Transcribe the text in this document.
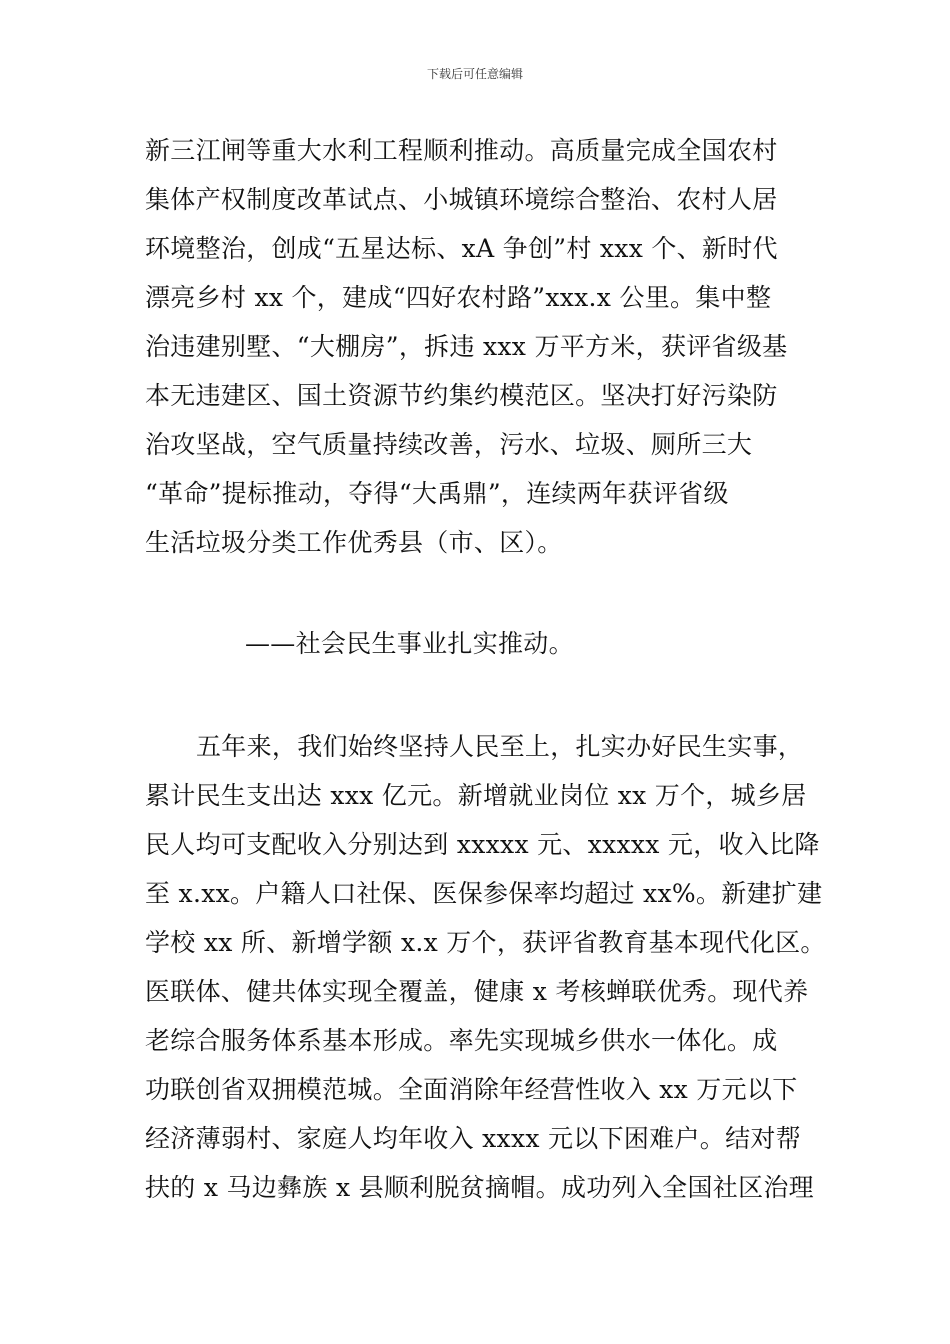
下载后可任意编辑
新三江闸等重大水利工程顺利推动。高质量完成全国农村
集体产权制度改革试点、小城镇环境综合整治、农村人居
环境整治，创成“五星达标、xA 争创”村 xxx 个、新时代
漂亮乡村 xx 个，建成“四好农村路”xxx.x 公里。集中整
治违建别墅、“大棚房”，拆违 xxx 万平方米，获评省级基
本无违建区、国土资源节约集约模范区。坚决打好污染防
治攻坚战，空气质量持续改善，污水、垃圾、厕所三大
“革命”提标推动，夺得“大禹鼎”，连续两年获评省级
生活垃圾分类工作优秀县（市、区）。
——社会民生事业扎实推动。
五年来，我们始终坚持人民至上，扎实办好民生实事，
累计民生支出达 xxx 亿元。新增就业岗位 xx 万个，城乡居
民人均可支配收入分别达到 xxxxx 元、xxxxx 元，收入比降
至 x.xx。户籍人口社保、医保参保率均超过 xx%。新建扩建
学校 xx 所、新增学额 x.x 万个，获评省教育基本现代化区。
医联体、健共体实现全覆盖，健康 x 考核蝉联优秀。现代养
老综合服务体系基本形成。率先实现城乡供水一体化。成
功联创省双拥模范城。全面消除年经营性收入 xx 万元以下
经济薄弱村、家庭人均年收入 xxxx 元以下困难户。结对帮
扶的 x 马边彝族 x 县顺利脱贫摘帽。成功列入全国社区治理
